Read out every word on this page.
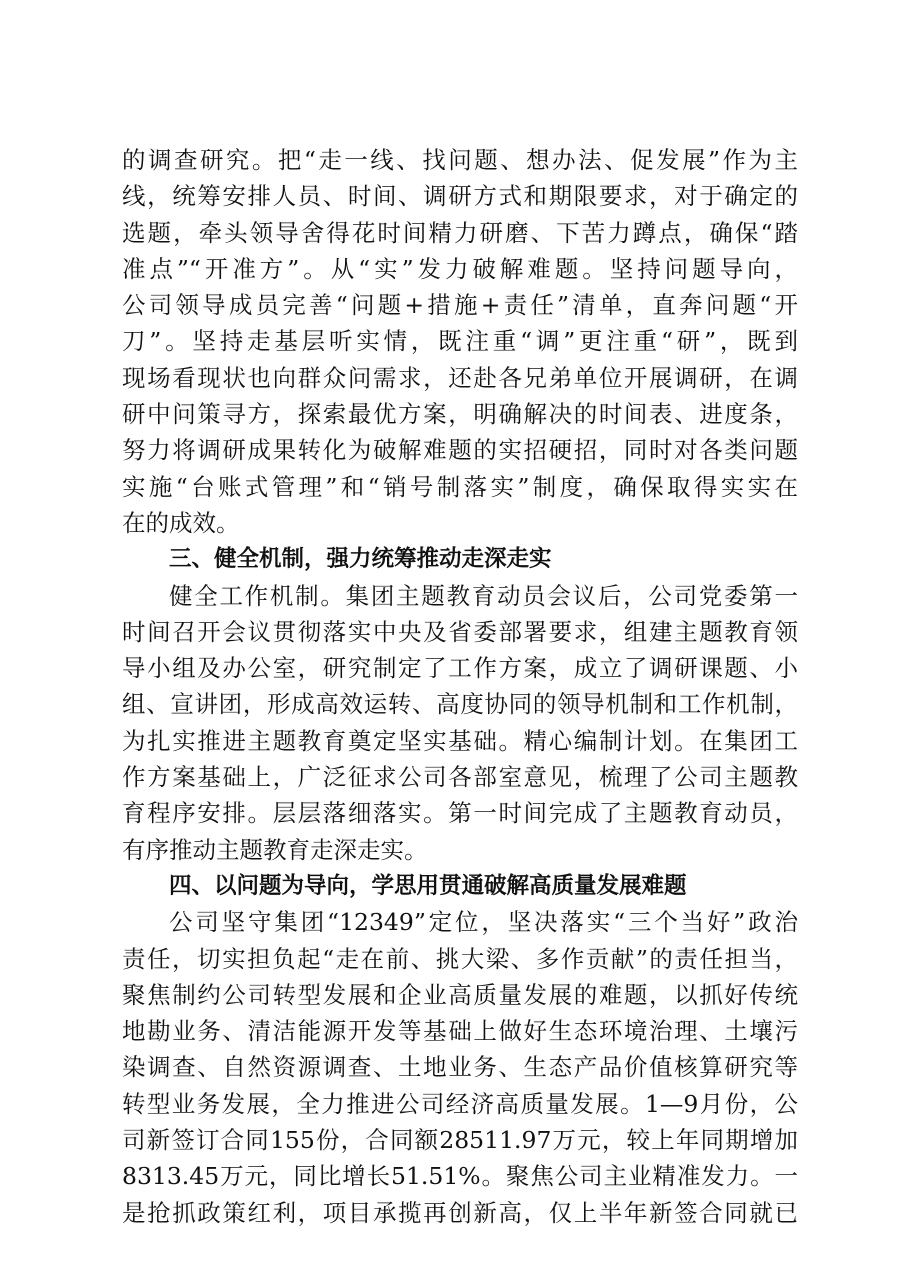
的调查研究。把“走一线、找问题、想办法、促发展”作为主
线，统筹安排人员、时间、调研方式和期限要求，对于确定的
选题，牵头领导舍得花时间精力研磨、下苦力蹲点，确保“踏
准点”“开准方”。从“实”发力破解难题。坚持问题导向，
公司领导成员完善“问题+措施+责任”清单，直奔问题“开
刀”。坚持走基层听实情，既注重“调”更注重“研”，既到
现场看现状也向群众问需求，还赴各兄弟单位开展调研，在调
研中问策寻方，探索最优方案，明确解决的时间表、进度条，
努力将调研成果转化为破解难题的实招硬招，同时对各类问题
实施“台账式管理”和“销号制落实”制度，确保取得实实在
在的成效。
三、健全机制，强力统筹推动走深走实
健全工作机制。集团主题教育动员会议后，公司党委第一
时间召开会议贯彻落实中央及省委部署要求，组建主题教育领
导小组及办公室，研究制定了工作方案，成立了调研课题、小
组、宣讲团，形成高效运转、高度协同的领导机制和工作机制，
为扎实推进主题教育奠定坚实基础。精心编制计划。在集团工
作方案基础上，广泛征求公司各部室意见，梳理了公司主题教
育程序安排。层层落细落实。第一时间完成了主题教育动员，
有序推动主题教育走深走实。
四、以问题为导向，学思用贯通破解高质量发展难题
公司坚守集团“12349”定位，坚决落实“三个当好”政治
责任，切实担负起“走在前、挑大梁、多作贡献”的责任担当，
聚焦制约公司转型发展和企业高质量发展的难题，以抓好传统
地勘业务、清洁能源开发等基础上做好生态环境治理、土壤污
染调查、自然资源调查、土地业务、生态产品价值核算研究等
转型业务发展，全力推进公司经济高质量发展。1—9月份，公
司新签订合同155份，合同额28511.97万元，较上年同期增加
8313.45万元，同比增长51.51%。聚焦公司主业精准发力。一
是抢抓政策红利，项目承揽再创新高，仅上半年新签合同就已
